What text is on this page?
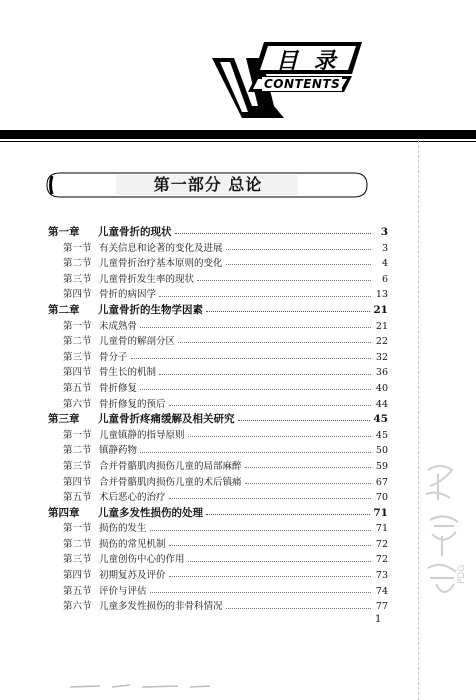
目 录
CONTENTS
第一部分 总论
第一章	儿童骨折的现状	3
第一节 有关信息和论著的变化及进展	3
第二节 儿童骨折治疗基本原则的变化	4
第三节 儿童骨折发生率的现状	6
第四节 骨折的病因学	13
第二章	儿童骨折的生物学因素	21
第一节 未成熟骨	21
第二节 儿童骨的解剖分区	22
第三节 骨分子	32
第四节 骨生长的机制	36
第五节 骨折修复	40
第六节 骨折修复的预后	44
第三章	儿童骨折疼痛缓解及相关研究	45
第一节 儿童镇静的指导原则	45
第二节 镇静药物	50
第三节 合并骨骼肌肉损伤儿童的局部麻醉	59
第四节 合并骨骼肌肉损伤儿童的术后镇痛	67
第五节 术后恶心的治疗	70
第四章	儿童多发性损伤的处理	71
第一节 损伤的发生	71
第二节 损伤的常见机制	72
第三节 儿童创伤中心的作用	72
第四节 初期复苏及评价	73
第五节 评价与评估	74
第六节 儿童多发性损伤的非骨科情况	77
1
PDG
